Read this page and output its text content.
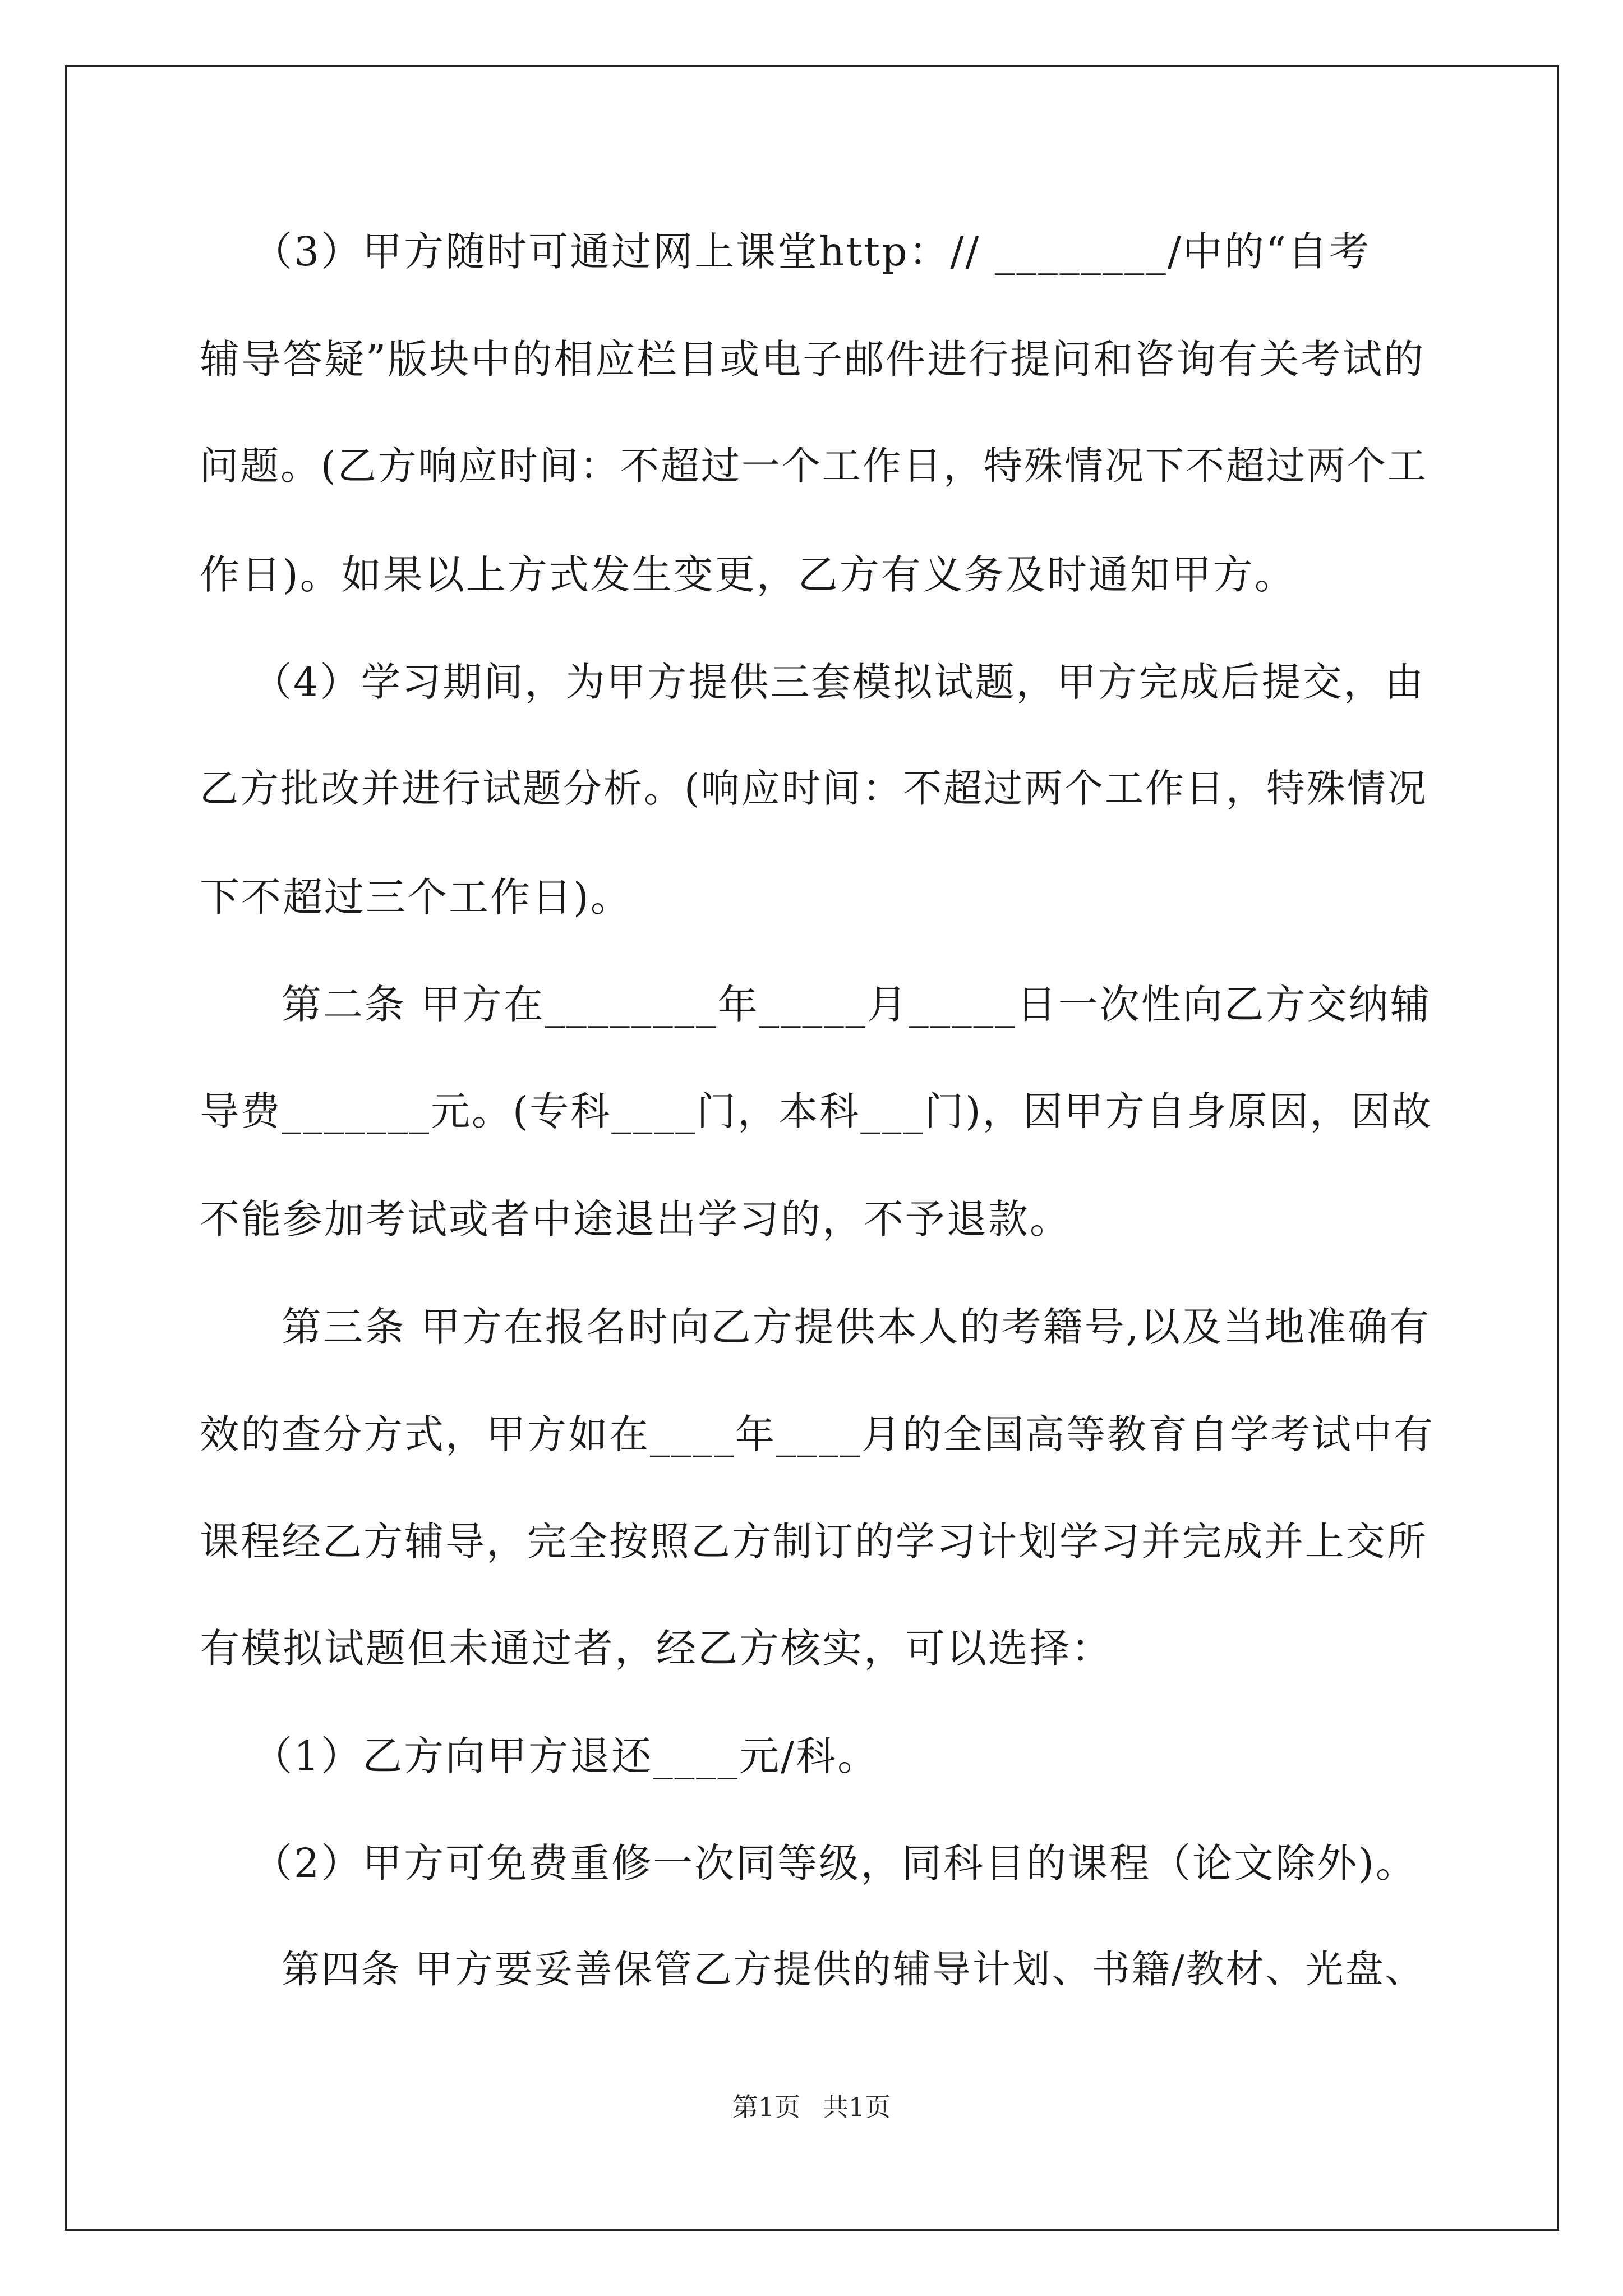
（3）甲方随时可通过网上课堂http：// ________/中的“自考
辅导答疑”版块中的相应栏目或电子邮件进行提问和咨询有关考试的
问题。(乙方响应时间：不超过一个工作日，特殊情况下不超过两个工
作日)。如果以上方式发生变更，乙方有义务及时通知甲方。
（4）学习期间，为甲方提供三套模拟试题，甲方完成后提交，由
乙方批改并进行试题分析。(响应时间：不超过两个工作日，特殊情况
下不超过三个工作日)。
第二条 甲方在________年_____月_____日一次性向乙方交纳辅
导费_______元。(专科____门，本科___门)，因甲方自身原因，因故
不能参加考试或者中途退出学习的，不予退款。
第三条 甲方在报名时向乙方提供本人的考籍号,以及当地准确有
效的查分方式，甲方如在____年____月的全国高等教育自学考试中有
课程经乙方辅导，完全按照乙方制订的学习计划学习并完成并上交所
有模拟试题但未通过者，经乙方核实，可以选择：
（1）乙方向甲方退还____元/科。
（2）甲方可免费重修一次同等级，同科目的课程（论文除外)。
第四条 甲方要妥善保管乙方提供的辅导计划、书籍/教材、光盘、
第1页 共1页
